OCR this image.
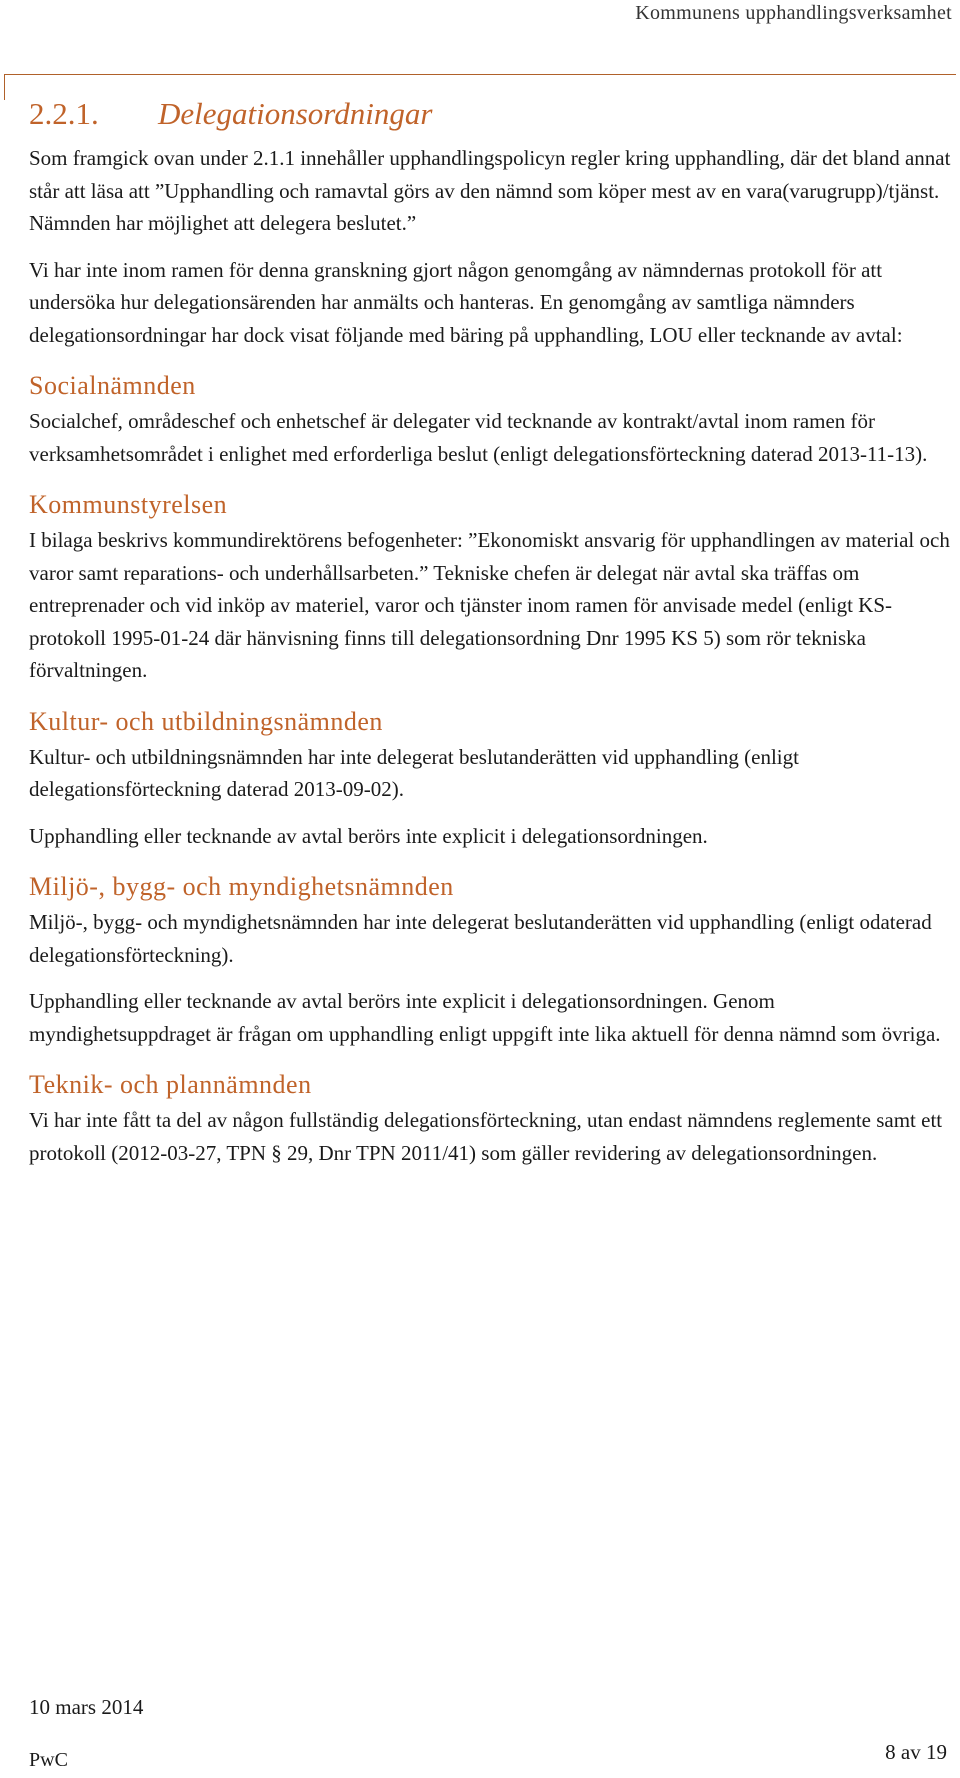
Kommunens upphandlingsverksamhet
2.2.1. Delegationsordningar

Som framgick ovan under 2.1.1 innehåller upphandlingspolicyn regler kring upphandling, där det bland annat står att läsa att ”Upphandling och ramavtal görs av den nämnd som köper mest av en vara(varugrupp)/tjänst. Nämnden har möjlighet att delegera beslutet.”

Vi har inte inom ramen för denna granskning gjort någon genomgång av nämndernas protokoll för att undersöka hur delegationsärenden har anmälts och hanteras. En genomgång av samtliga nämnders delegationsordningar har dock visat följande med bäring på upphandling, LOU eller tecknande av avtal:

Socialnämnden

Socialchef, områdeschef och enhetschef är delegater vid tecknande av kontrakt/avtal inom ramen för verksamhetsområdet i enlighet med erforderliga beslut (enligt delegationsförteckning daterad 2013-11-13).

Kommunstyrelsen

I bilaga beskrivs kommundirektörens befogenheter: ”Ekonomiskt ansvarig för upphandlingen av material och varor samt reparations- och underhållsarbeten.” Tekniske chefen är delegat när avtal ska träffas om entreprenader och vid inköp av materiel, varor och tjänster inom ramen för anvisade medel (enligt KS-protokoll 1995-01-24 där hänvisning finns till delegationsordning Dnr 1995 KS 5) som rör tekniska förvaltningen.

Kultur- och utbildningsnämnden

Kultur- och utbildningsnämnden har inte delegerat beslutanderätten vid upphandling (enligt delegationsförteckning daterad 2013-09-02).

Upphandling eller tecknande av avtal berörs inte explicit i delegationsordningen.

Miljö-, bygg- och myndighetsnämnden

Miljö-, bygg- och myndighetsnämnden har inte delegerat beslutanderätten vid upphandling (enligt odaterad delegationsförteckning).

Upphandling eller tecknande av avtal berörs inte explicit i delegationsordningen. Genom myndighetsuppdraget är frågan om upphandling enligt uppgift inte lika aktuell för denna nämnd som övriga.

Teknik- och plannämnden

Vi har inte fått ta del av någon fullständig delegationsförteckning, utan endast nämndens reglemente samt ett protokoll (2012-03-27, TPN § 29, Dnr TPN 2011/41) som gäller revidering av delegationsordningen.

10 mars 2014
PwC	8 av 19
